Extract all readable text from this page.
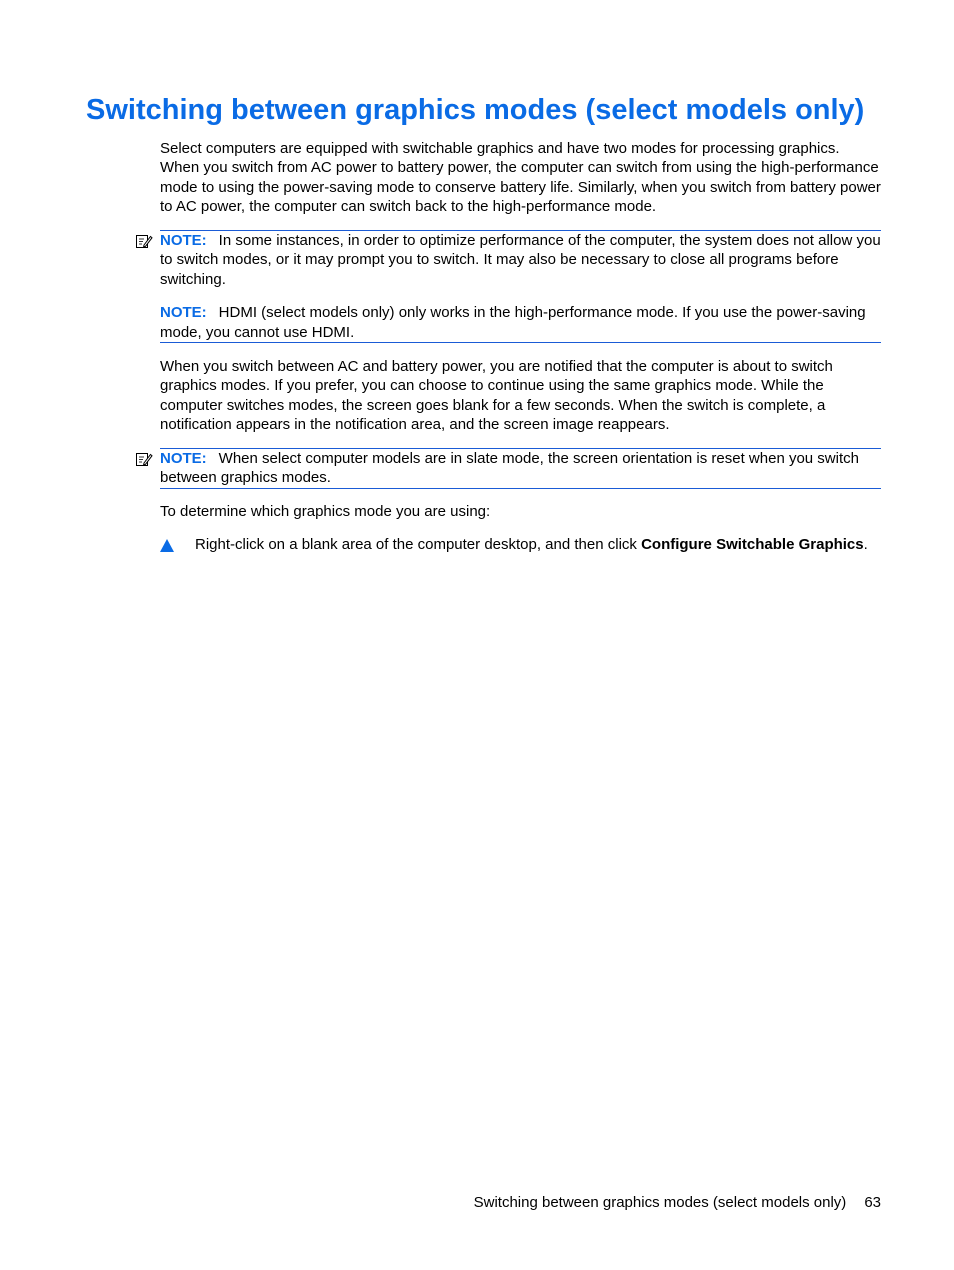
Switching between graphics modes (select models only)

Select computers are equipped with switchable graphics and have two modes for processing graphics. When you switch from AC power to battery power, the computer can switch from using the high-performance mode to using the power-saving mode to conserve battery life. Similarly, when you switch from battery power to AC power, the computer can switch back to the high-performance mode.

NOTE: In some instances, in order to optimize performance of the computer, the system does not allow you to switch modes, or it may prompt you to switch. It may also be necessary to close all programs before switching.

NOTE: HDMI (select models only) only works in the high-performance mode. If you use the power-saving mode, you cannot use HDMI.

When you switch between AC and battery power, you are notified that the computer is about to switch graphics modes. If you prefer, you can choose to continue using the same graphics mode. While the computer switches modes, the screen goes blank for a few seconds. When the switch is complete, a notification appears in the notification area, and the screen image reappears.

NOTE: When select computer models are in slate mode, the screen orientation is reset when you switch between graphics modes.

To determine which graphics mode you are using:

Right-click on a blank area of the computer desktop, and then click Configure Switchable Graphics.

Switching between graphics modes (select models only) 63
